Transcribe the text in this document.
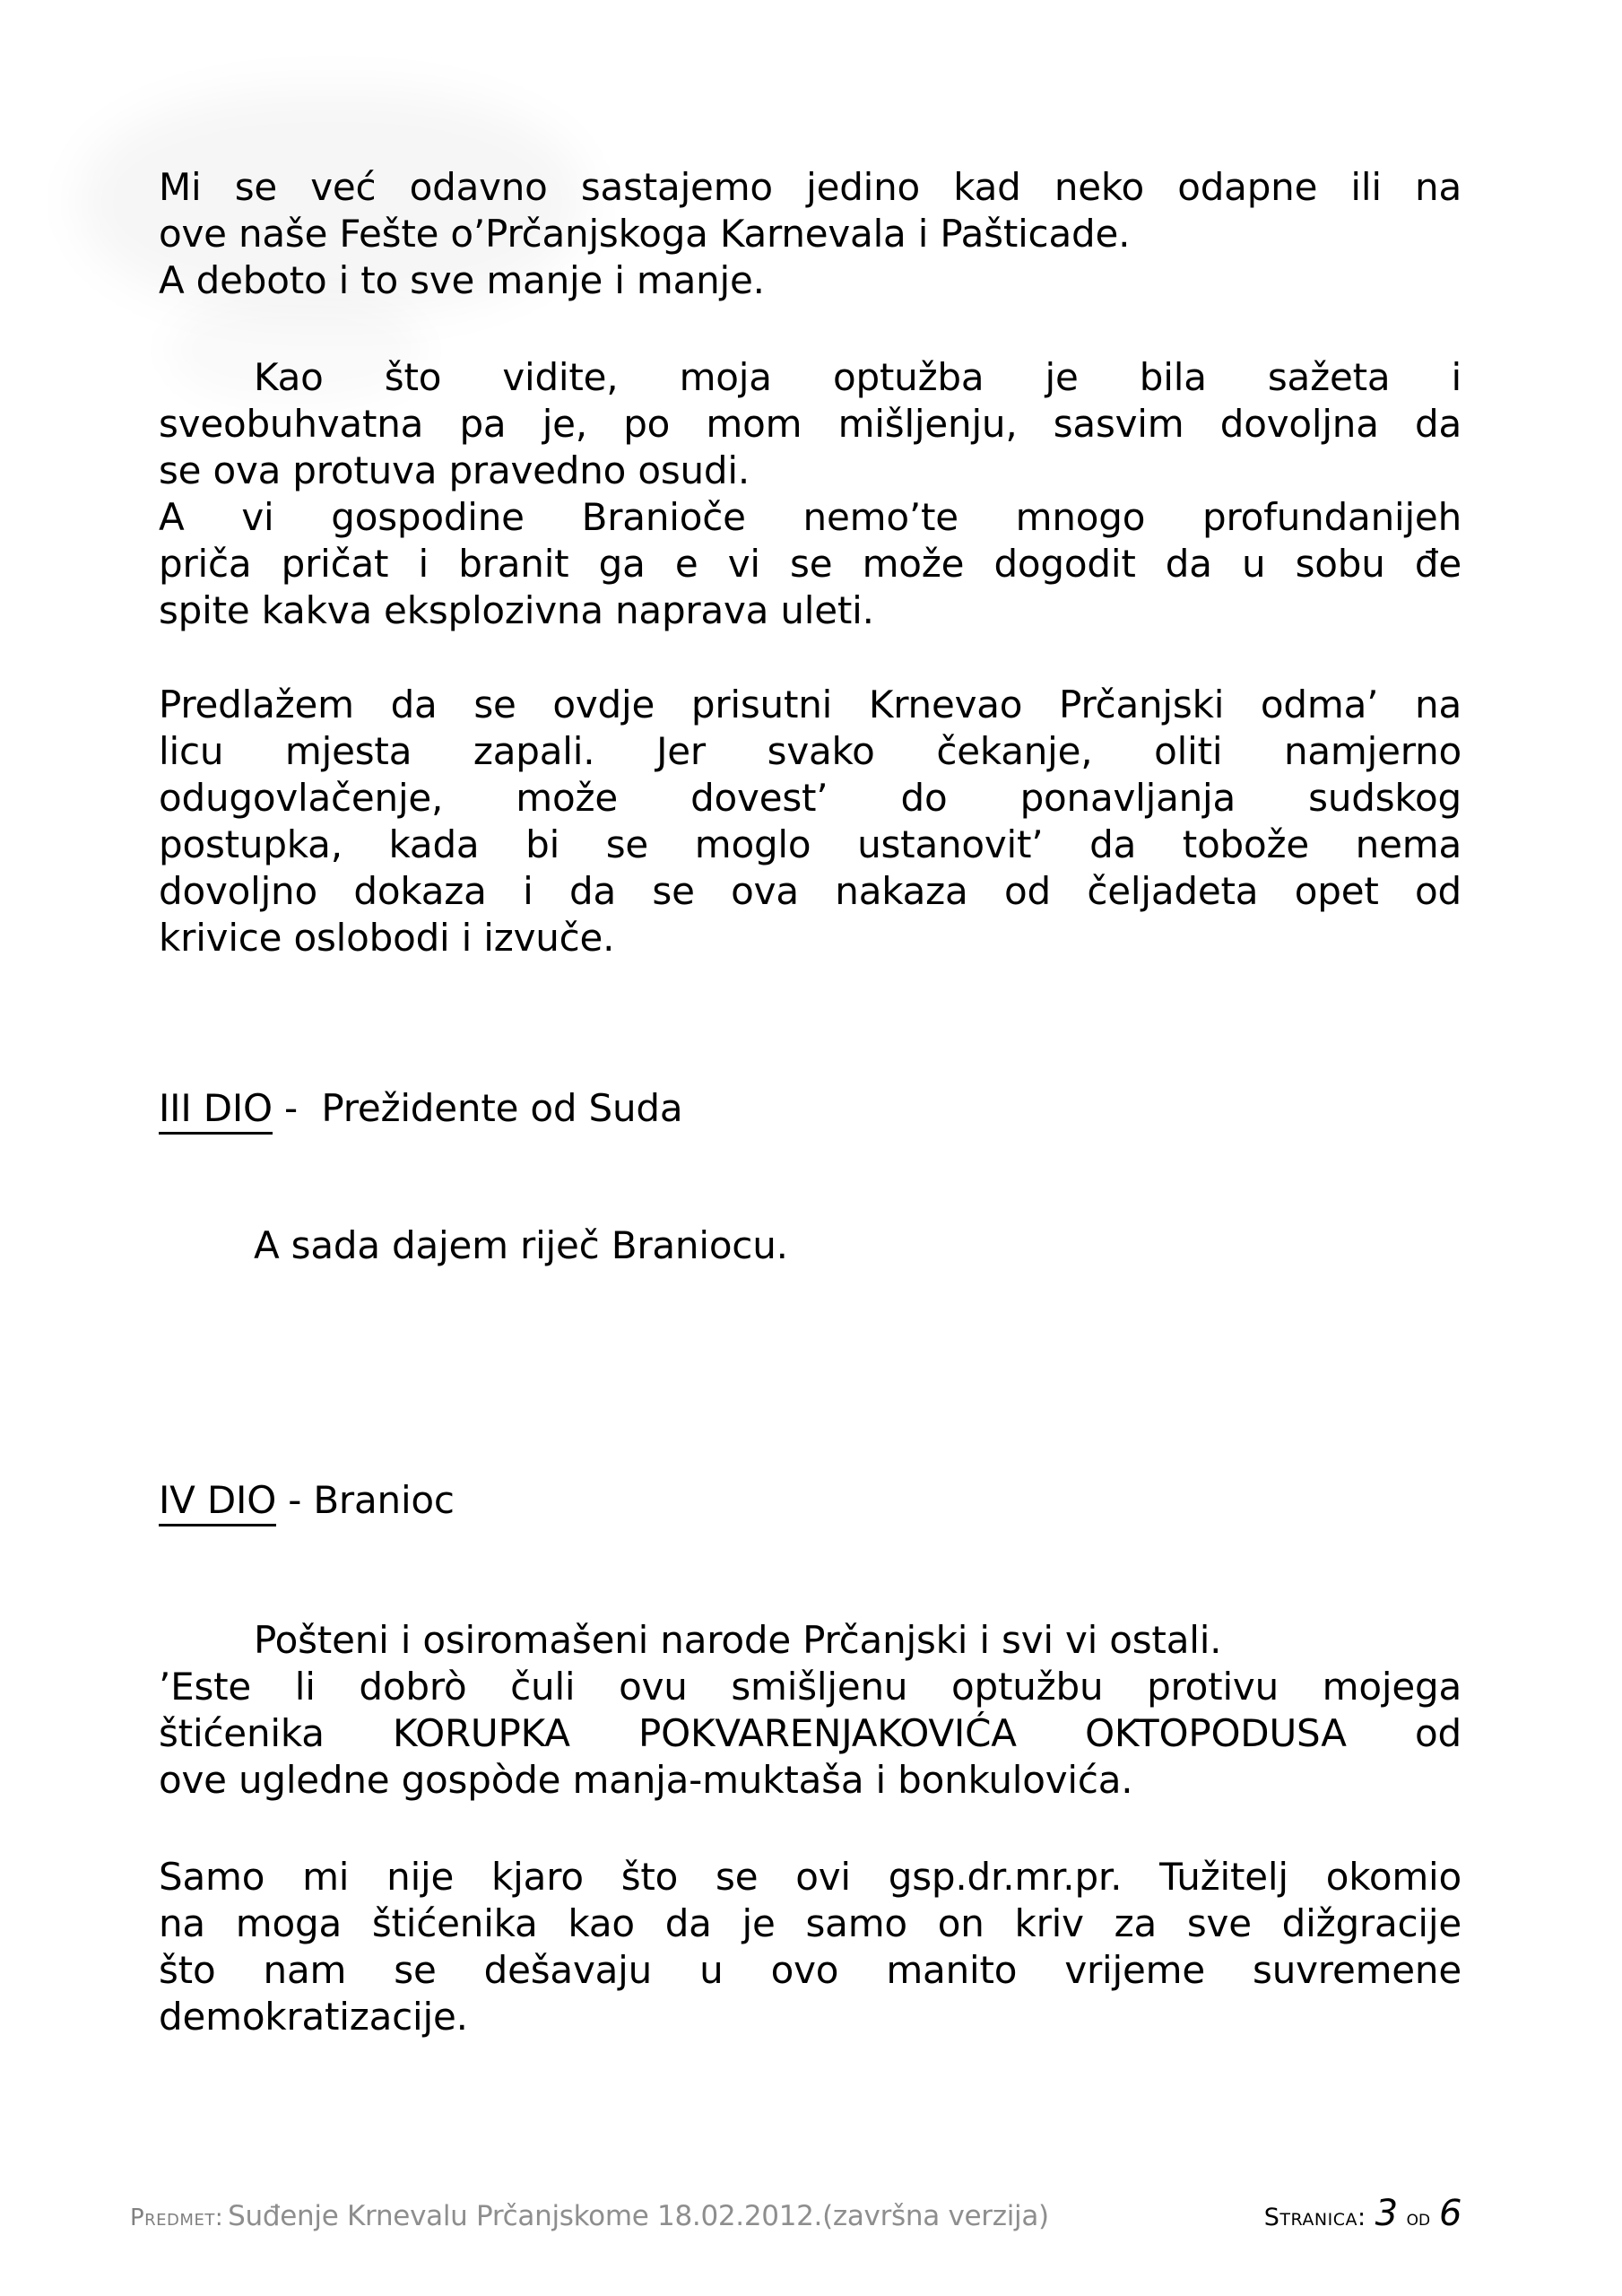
Mi se već odavno sastajemo jedino kad neko odapne ili na
ove naše Fešte o’Prčanjskoga Karnevala i Pašticade.
A deboto i to sve manje i manje.
Kao što vidite, moja optužba je bila sažeta i
sveobuhvatna pa je, po mom mišljenju, sasvim dovoljna da
se ova protuva pravedno osudi.
A vi gospodine Branioče nemo’te mnogo profundanijeh
priča pričat i branit ga e vi se može dogodit da u sobu đe
spite kakva eksplozivna naprava uleti.
Predlažem da se ovdje prisutni Krnevao Prčanjski odma’ na
licu mjesta zapali. Jer svako čekanje, oliti namjerno
odugovlačenje, može dovest’ do ponavljanja sudskog
postupka, kada bi se moglo ustanovit’ da tobože nema
dovoljno dokaza i da se ova nakaza od čeljadeta opet od
krivice oslobodi i izvuče.
III DIO -  Prežidente od Suda
A sada dajem riječ Braniocu.
IV DIO - Branioc
Pošteni i osiromašeni narode Prčanjski i svi vi ostali.
’Este li dobrò čuli ovu smišljenu optužbu protivu mojega
štićenika KORUPKA POKVARENJAKOVIĆA OKTOPODUSA od
ove ugledne gospòde manja-muktaša i bonkulovića.
Samo mi nije kjaro što se ovi gsp.dr.mr.pr. Tužitelj okomio
na moga štićenika kao da je samo on kriv za sve dižgracije
što nam se dešavaju u ovo manito vrijeme suvremene
demokratizacije.
Predmet: Suđenje Krnevalu Prčanjskome 18.02.2012.(završna verzija)	Stranica: 3 od 6
